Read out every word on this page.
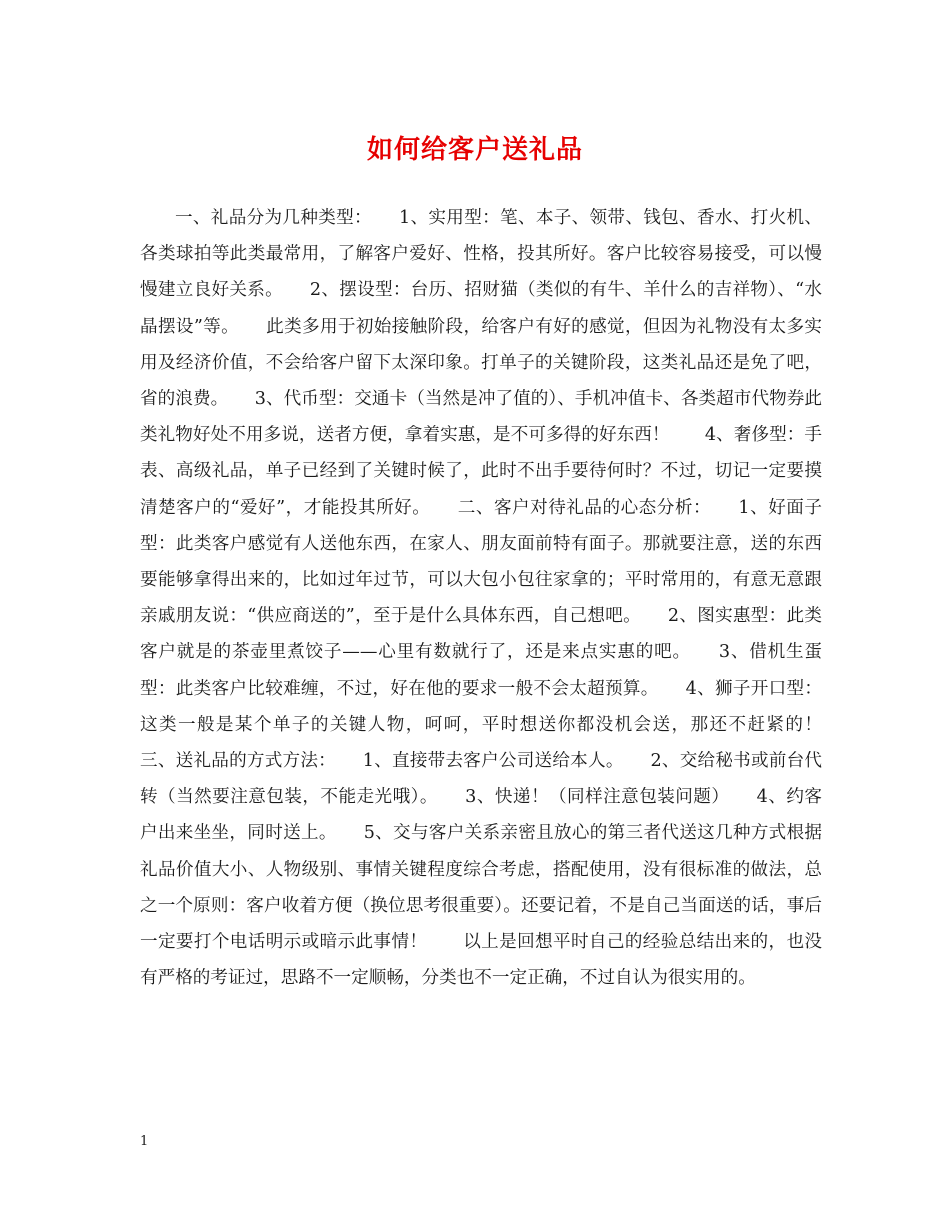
如何给客户送礼品
一、礼品分为几种类型：　　1、实用型：笔、本子、领带、钱包、香水、打火机、各类球拍等此类最常用，了解客户爱好、性格，投其所好。客户比较容易接受，可以慢慢建立良好关系。　　2、摆设型：台历、招财猫（类似的有牛、羊什么的吉祥物）、“水晶摆设”等。　　此类多用于初始接触阶段，给客户有好的感觉，但因为礼物没有太多实用及经济价值，不会给客户留下太深印象。打单子的关键阶段，这类礼品还是免了吧，省的浪费。　　3、代币型：交通卡（当然是冲了值的）、手机冲值卡、各类超市代物券此类礼物好处不用多说，送者方便，拿着实惠，是不可多得的好东西！　　4、奢侈型：手表、高级礼品，单子已经到了关键时候了，此时不出手要待何时？不过，切记一定要摸清楚客户的“爱好”，才能投其所好。　　二、客户对待礼品的心态分析：　　1、好面子型：此类客户感觉有人送他东西，在家人、朋友面前特有面子。那就要注意，送的东西要能够拿得出来的，比如过年过节，可以大包小包往家拿的；平时常用的，有意无意跟亲戚朋友说：“供应商送的”，至于是什么具体东西，自己想吧。　　2、图实惠型：此类客户就是的茶壶里煮饺子——心里有数就行了，还是来点实惠的吧。　　3、借机生蛋型：此类客户比较难缠，不过，好在他的要求一般不会太超预算。　　4、狮子开口型：这类一般是某个单子的关键人物，呵呵，平时想送你都没机会送，那还不赶紧的！　　三、送礼品的方式方法：　　1、直接带去客户公司送给本人。　　2、交给秘书或前台代转（当然要注意包装，不能走光哦）。　　3、快递！（同样注意包装问题）　　4、约客户出来坐坐，同时送上。　　5、交与客户关系亲密且放心的第三者代送这几种方式根据礼品价值大小、人物级别、事情关键程度综合考虑，搭配使用，没有很标准的做法，总之一个原则：客户收着方便（换位思考很重要）。还要记着，不是自己当面送的话，事后一定要打个电话明示或暗示此事情！　　以上是回想平时自己的经验总结出来的，也没有严格的考证过，思路不一定顺畅，分类也不一定正确，不过自认为很实用的。
1
